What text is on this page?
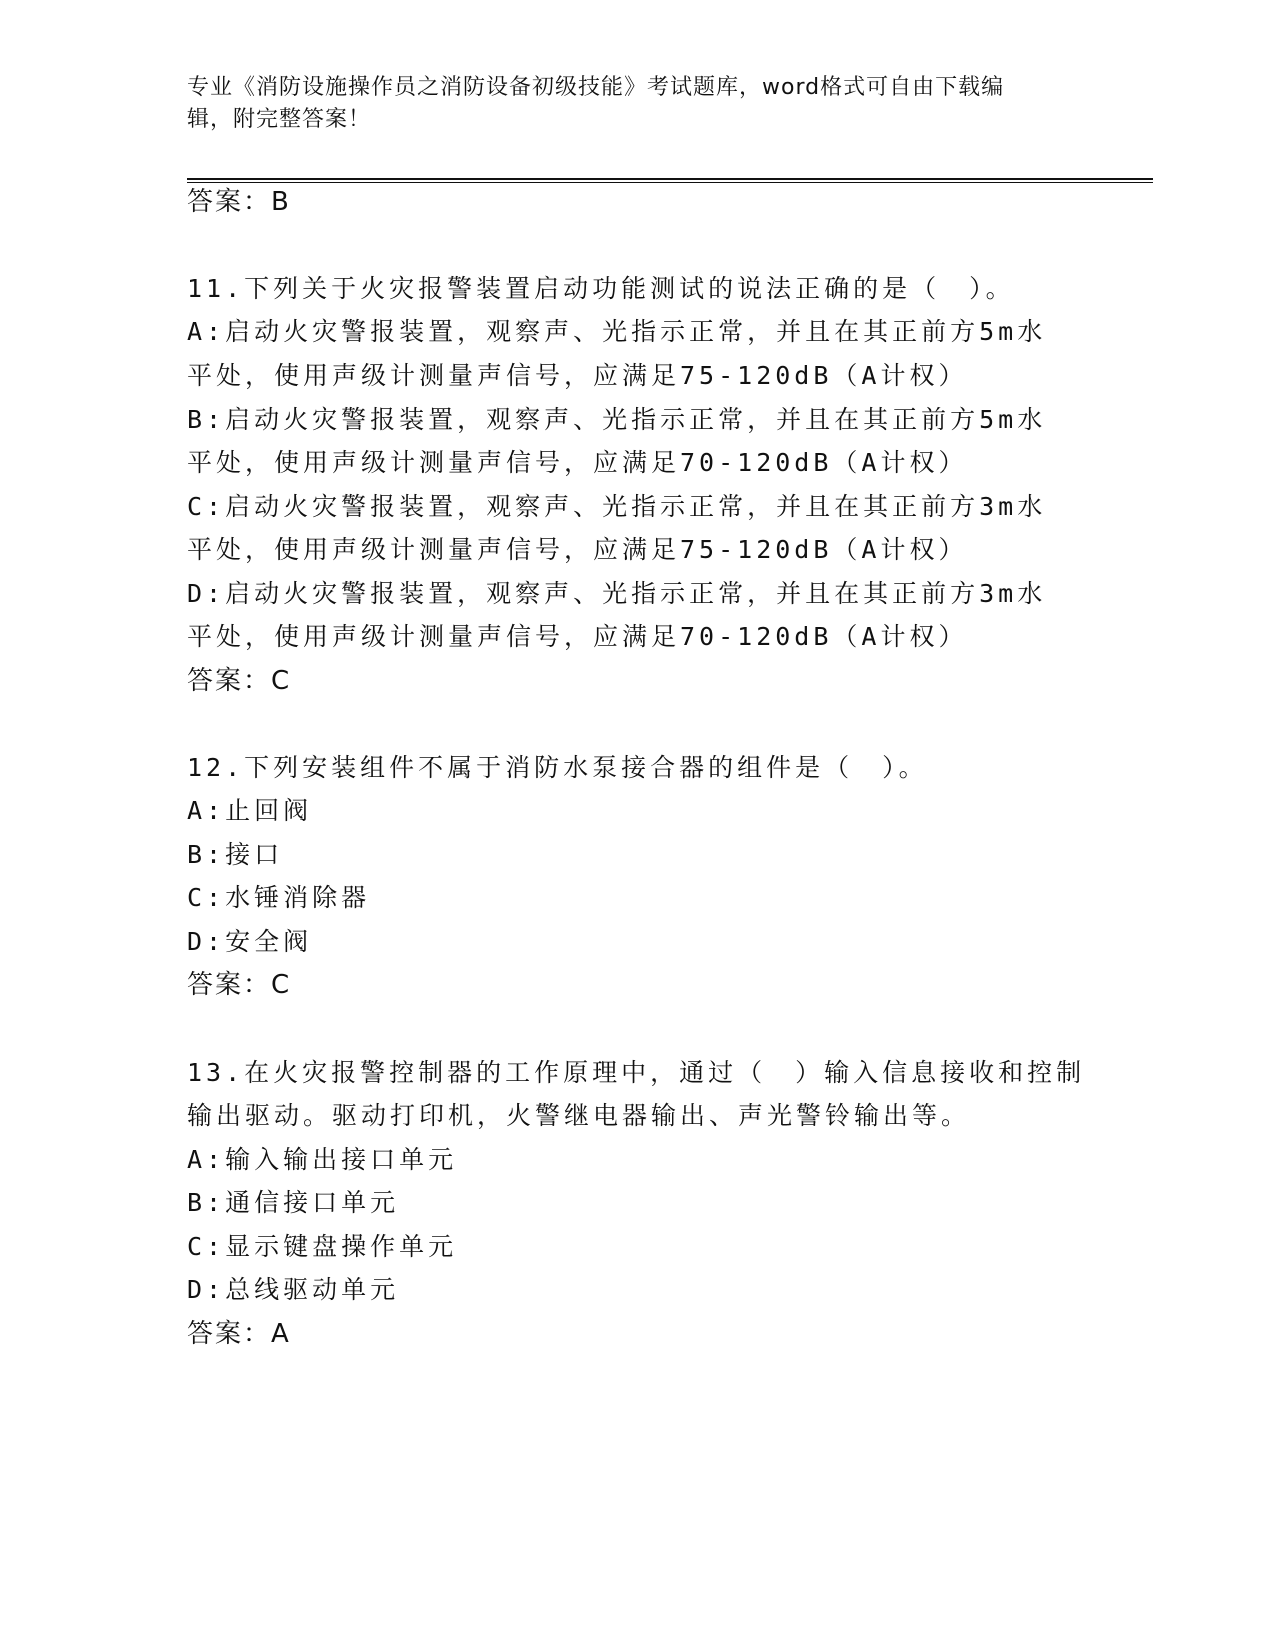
专业《消防设施操作员之消防设备初级技能》考试题库，word格式可自由下载编
辑，附完整答案！
答案：B
11.下列关于火灾报警装置启动功能测试的说法正确的是（　）。
A:启动火灾警报装置，观察声、光指示正常，并且在其正前方5m水
平处，使用声级计测量声信号，应满足75-120dB（A计权）
B:启动火灾警报装置，观察声、光指示正常，并且在其正前方5m水
平处，使用声级计测量声信号，应满足70-120dB（A计权）
C:启动火灾警报装置，观察声、光指示正常，并且在其正前方3m水
平处，使用声级计测量声信号，应满足75-120dB（A计权）
D:启动火灾警报装置，观察声、光指示正常，并且在其正前方3m水
平处，使用声级计测量声信号，应满足70-120dB（A计权）
答案：C
12.下列安装组件不属于消防水泵接合器的组件是（　）。
A:止回阀
B:接口
C:水锤消除器
D:安全阀
答案：C
13.在火灾报警控制器的工作原理中，通过（　）输入信息接收和控制
输出驱动。驱动打印机，火警继电器输出、声光警铃输出等。
A:输入输出接口单元
B:通信接口单元
C:显示键盘操作单元
D:总线驱动单元
答案：A
